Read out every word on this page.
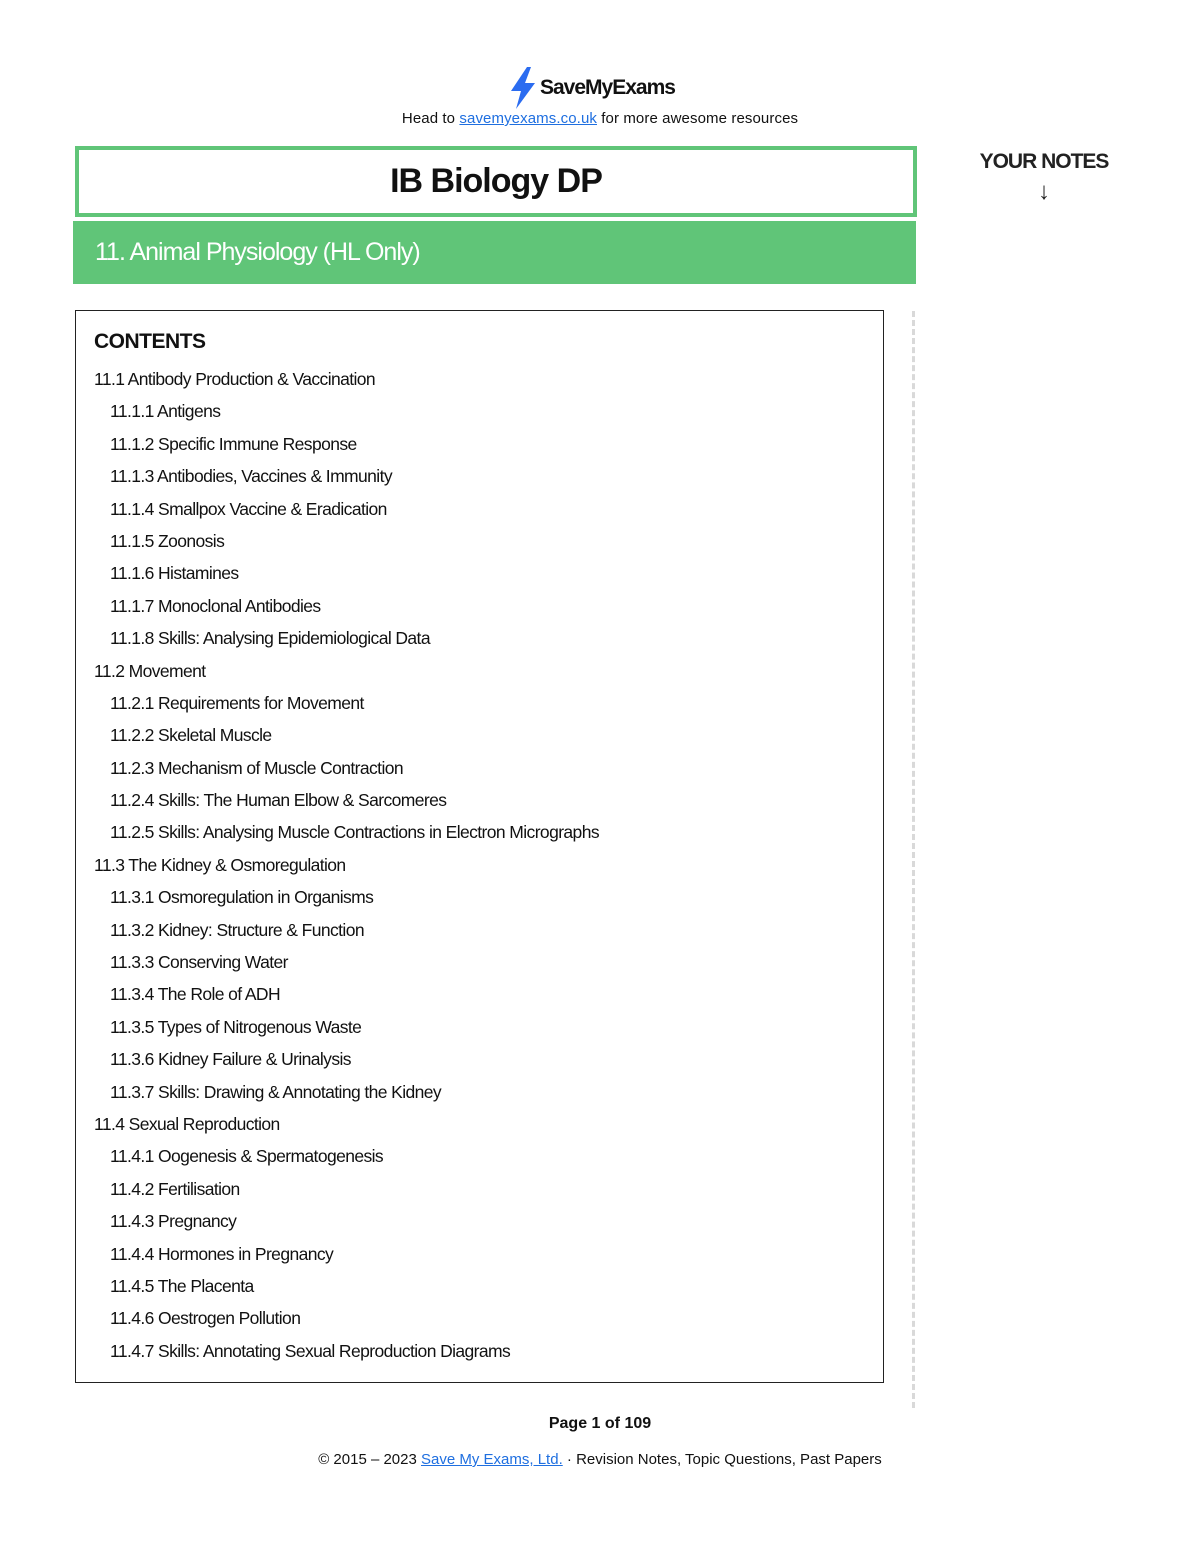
SaveMyExams
Head to savemyexams.co.uk for more awesome resources
IB Biology DP
11. Animal Physiology (HL Only)
YOUR NOTES
↓
CONTENTS
11.1 Antibody Production & Vaccination
11.1.1 Antigens
11.1.2 Specific Immune Response
11.1.3 Antibodies, Vaccines & Immunity
11.1.4 Smallpox Vaccine & Eradication
11.1.5 Zoonosis
11.1.6 Histamines
11.1.7 Monoclonal Antibodies
11.1.8 Skills: Analysing Epidemiological Data
11.2 Movement
11.2.1 Requirements for Movement
11.2.2 Skeletal Muscle
11.2.3 Mechanism of Muscle Contraction
11.2.4 Skills: The Human Elbow & Sarcomeres
11.2.5 Skills: Analysing Muscle Contractions in Electron Micrographs
11.3 The Kidney & Osmoregulation
11.3.1 Osmoregulation in Organisms
11.3.2 Kidney: Structure & Function
11.3.3 Conserving Water
11.3.4 The Role of ADH
11.3.5 Types of Nitrogenous Waste
11.3.6 Kidney Failure & Urinalysis
11.3.7 Skills: Drawing & Annotating the Kidney
11.4 Sexual Reproduction
11.4.1 Oogenesis & Spermatogenesis
11.4.2 Fertilisation
11.4.3 Pregnancy
11.4.4 Hormones in Pregnancy
11.4.5 The Placenta
11.4.6 Oestrogen Pollution
11.4.7 Skills: Annotating Sexual Reproduction Diagrams
Page 1 of 109
© 2015 – 2023 Save My Exams, Ltd. · Revision Notes, Topic Questions, Past Papers
